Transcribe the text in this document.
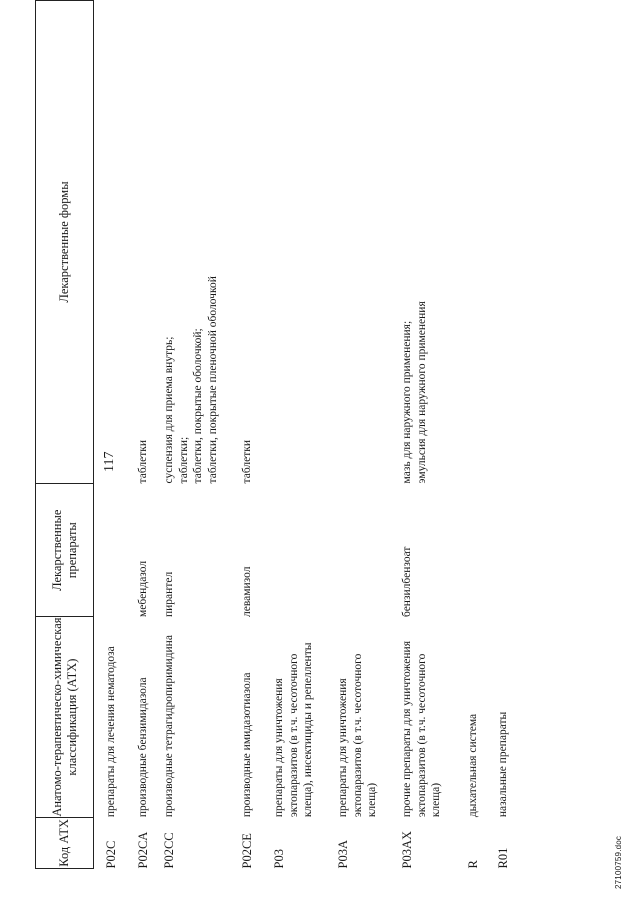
117
Код АТХ	Анатомо-терапевтическо-химическая классификация (АТХ)	Лекарственные препараты	Лекарственные формы
P02C	препараты для лечения нематодоза		

P02CA	производные бензимидазола	мебендазол	таблетки

P02CC	производные тетрагидропиримидина	пирантел	суспензия для приема внутрь; таблетки; таблетки, покрытые оболочкой; таблетки, покрытые пленочной оболочкой

P02CE	производные имидазотиазола	левамизол	таблетки

P03	препараты для уничтожения эктопаразитов (в т.ч. чесоточного клеща), инсектициды и репелленты		

P03A	препараты для уничтожения эктопаразитов (в т.ч. чесоточного клеща)		

P03AX	прочие препараты для уничтожения эктопаразитов (в т.ч. чесоточного клеща)	бензилбензоат	мазь для наружного применения; эмульсия для наружного применения

R	дыхательная система		

R01	назальные препараты		

27100759.doc
